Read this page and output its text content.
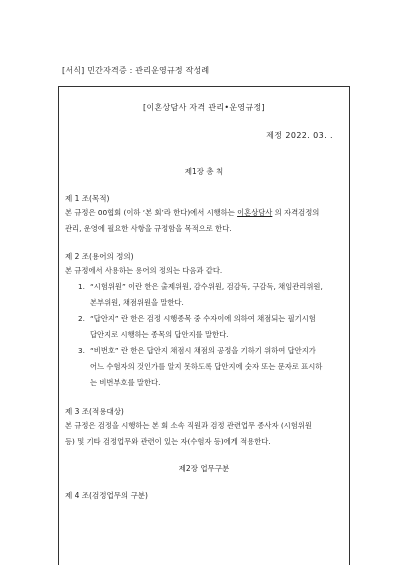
[서식] 민간자격증 : 관리운영규정 작성례
[이혼상담사 자격 관리•운영규정]
제정 2022. 03. .
제1장 총 칙
제 1 조(목적)
본 규정은 00협회 (이하 ‘본 회’라 한다)에서 시행하는 이혼상담사 의 자격검정의
관리, 운영에 필요한 사항을 규정함을 목적으로 한다.
제 2 조(용어의 정의)
본 규정에서 사용하는 용어의 정의는 다음과 같다.
1. “시험위원” 이란 한은 출제위원, 감수위원, 검감독, 구감독, 채임관리위원,
본부위원, 채점위원을 말한다.
2. “답안지” 란 한은 검정 시행종목 중 수자이에 의하여 채점되는 필기시험
답안지로 시행하는 종목의 답안지를 말한다.
3. “비번호” 란 한은 답안지 채점시 채점의 공정을 기하기 위하여 답안지가
어느 수험자의 것인가를 알지 못하도록 답안지에 숫자 또는 문자로 표시하
는 비번부호를 말한다.
제 3 조(적용대상)
본 규정은 검정을 시행하는 본 회 소속 직원과 검정 관련업무 종사자 (시험위원
등) 및 기타 검정업무와 관련이 있는 자(수험자 등)에게 적용한다.
제2장 업무구분
제 4 조(검정업무의 구분)
